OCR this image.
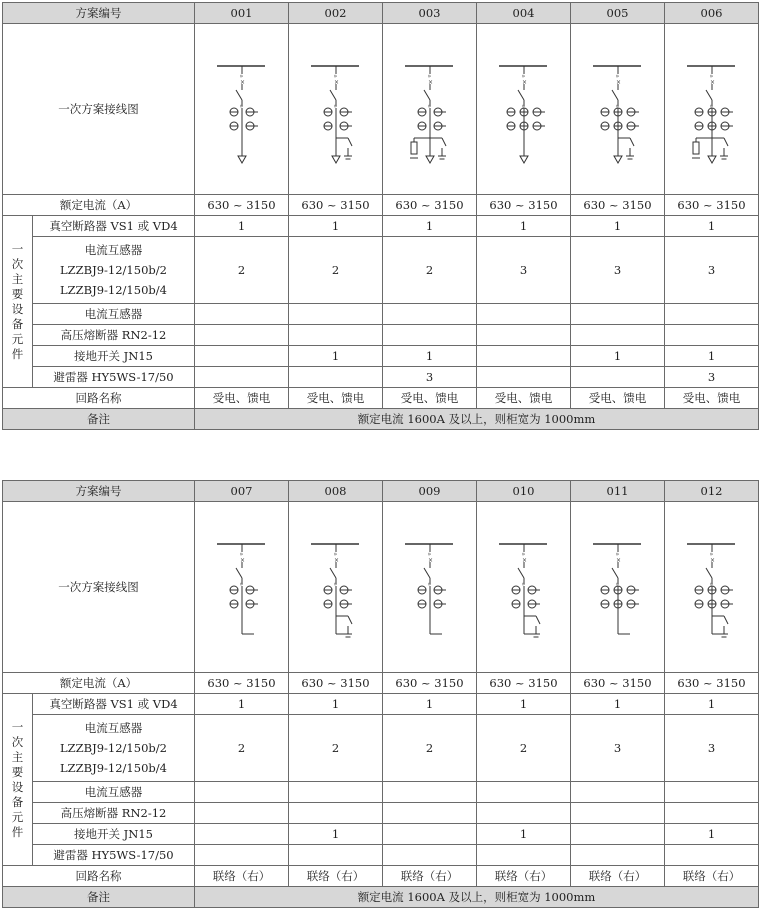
方案编号		001	002	003	004	005	006
一次方案接线图		»
×
»	»
×
»	»
×
»	»
×
»	»
×
»	»
×
»

额定电流（A）		630 ~ 3150	630 ~ 3150	630 ~ 3150	630 ~ 3150	630 ~ 3150	630 ~ 3150
一次主要设备元件	真空断路器 VS1 或 VD4	1	1	1	1	1	1

	电流互感器
LZZBJ9-12/150b/2
LZZBJ9-12/150b/4	2	2	2	3	3	3
	电流互感器						
	高压熔断器 RN2-12						
	接地开关 JN15		1	1		1	1
	避雷器 HY5WS-17/50			3			3
回路名称		受电、馈电	受电、馈电	受电、馈电	受电、馈电	受电、馈电	受电、馈电
备注		额定电流 1600A 及以上，则柜宽为 1000mm					
方案编号		007	008	009	010	011	012
一次方案接线图		»
×
»	»
×
»	»
×
»	»
×
»	»
×
»	»
×
»

额定电流（A）		630 ~ 3150	630 ~ 3150	630 ~ 3150	630 ~ 3150	630 ~ 3150	630 ~ 3150
一次主要设备元件	真空断路器 VS1 或 VD4	1	1	1	1	1	1

	电流互感器
LZZBJ9-12/150b/2
LZZBJ9-12/150b/4	2	2	2	2	3	3
	电流互感器						
	高压熔断器 RN2-12						
	接地开关 JN15		1		1		1
	避雷器 HY5WS-17/50						
回路名称		联络（右）	联络（右）	联络（右）	联络（右）	联络（右）	联络（右）
备注		额定电流 1600A 及以上，则柜宽为 1000mm					
